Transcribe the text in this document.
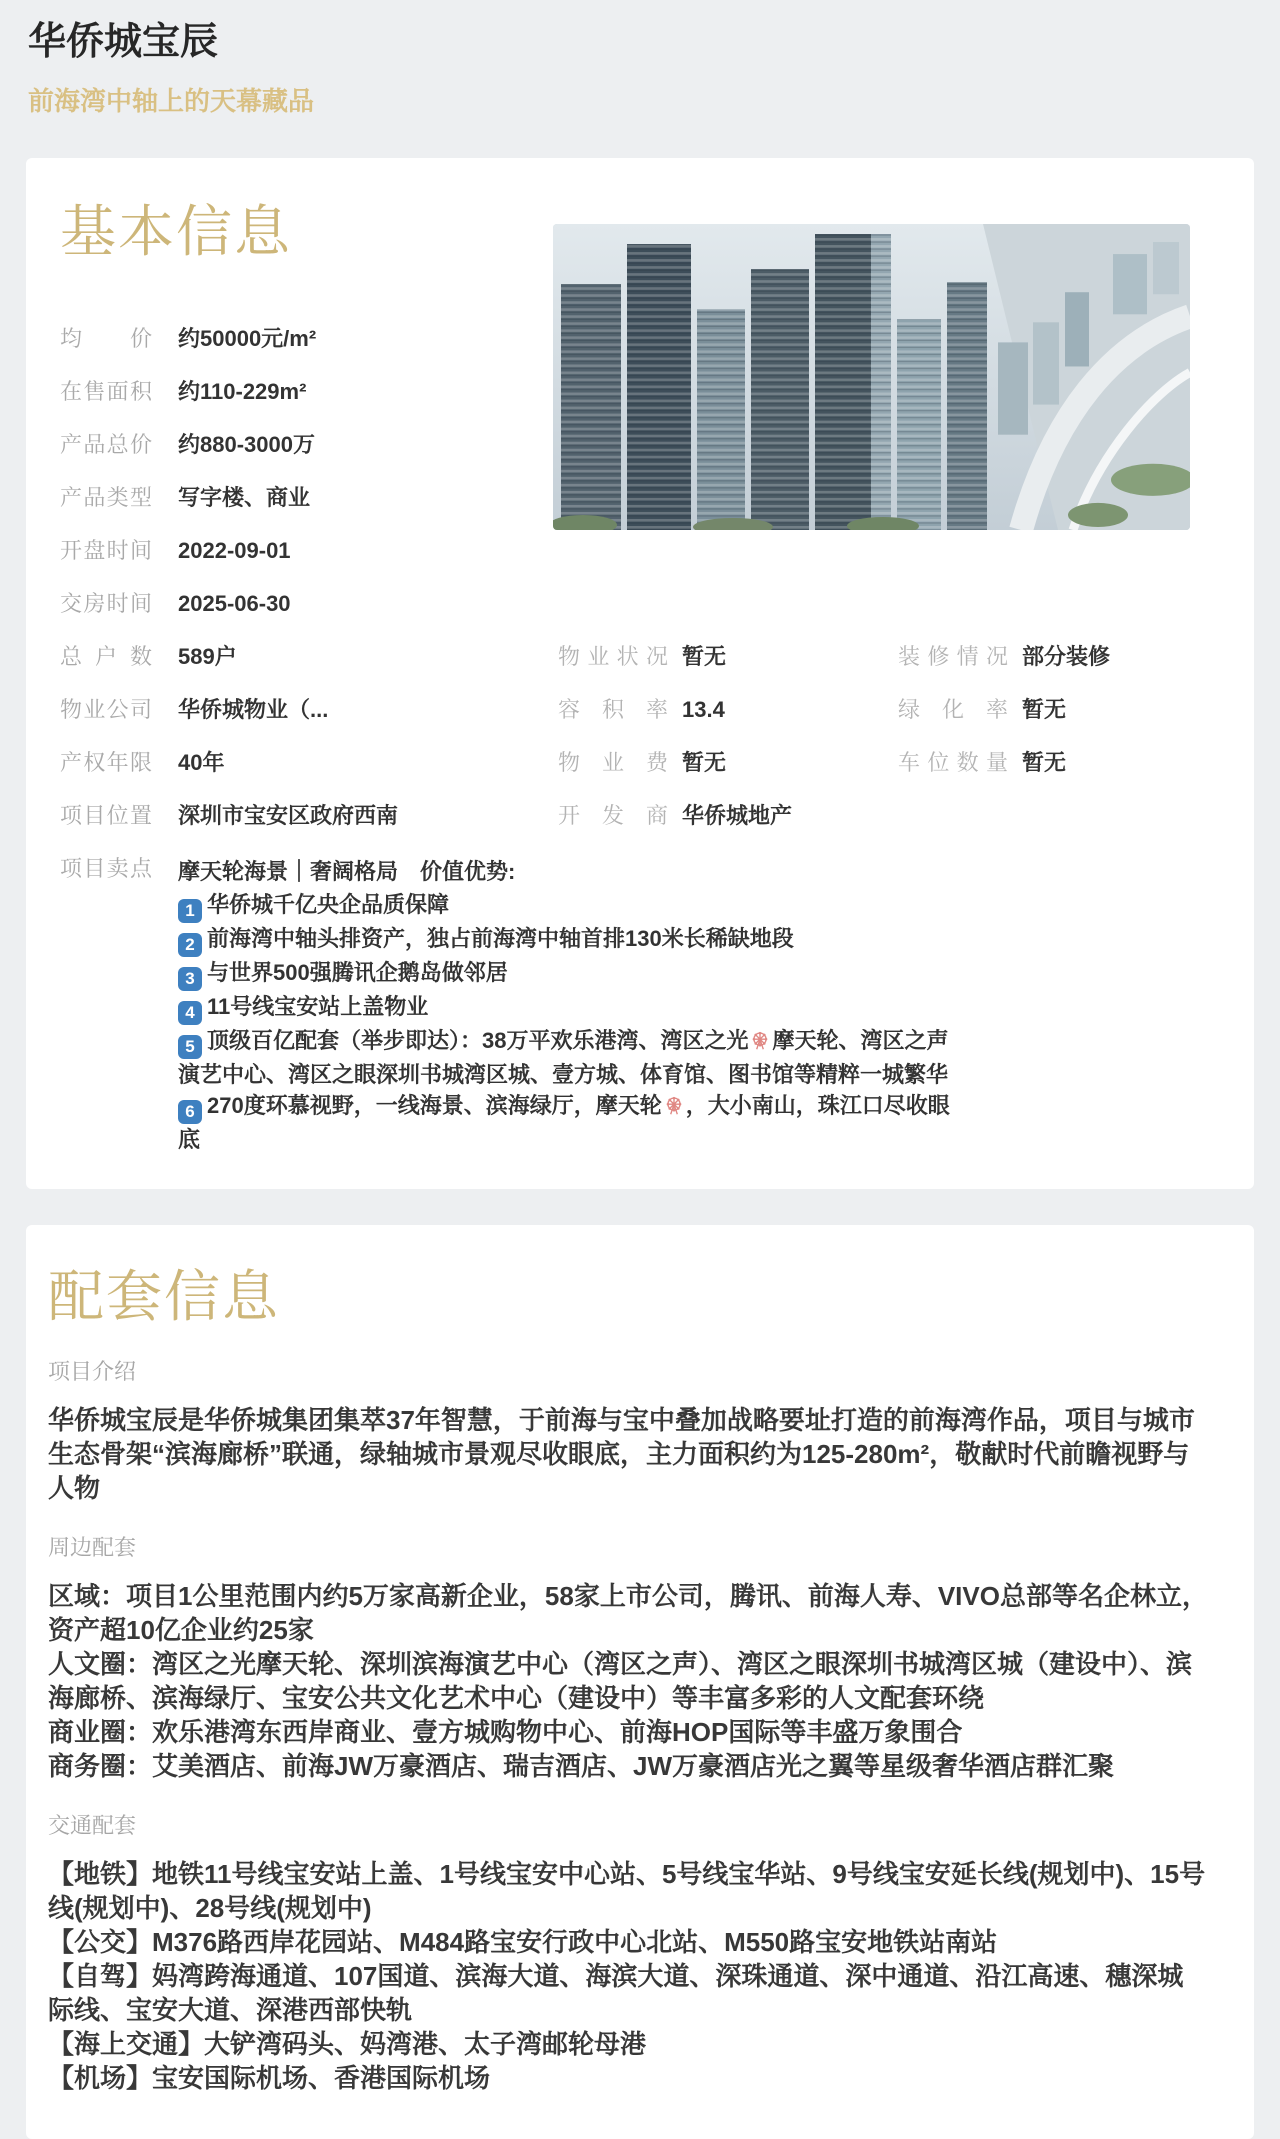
华侨城宝辰
前海湾中轴上的天幕藏品
基本信息
均价 约50000元/m²
在售面积 约110-229m²
产品总价 约880-3000万
产品类型 写字楼、商业
开盘时间 2022-09-01
交房时间 2025-06-30
总户数 589户
物业公司 华侨城物业（...
产权年限 40年
项目位置 深圳市宝安区政府西南
物业状况 暂无
容积率 13.4
物业费 暂无
开发商 华侨城地产
装修情况 部分装修
绿化率 暂无
车位数量 暂无
项目卖点 摩天轮海景｜奢阔格局　价值优势:
1 华侨城千亿央企品质保障
2 前海湾中轴头排资产，独占前海湾中轴首排130米长稀缺地段
3 与世界500强腾讯企鹅岛做邻居
4 11号线宝安站上盖物业
5 顶级百亿配套（举步即达）：38万平欢乐港湾、湾区之光 摩天轮、湾区之声演艺中心、湾区之眼深圳书城湾区城、壹方城、体育馆、图书馆等精粹一城繁华
6 270度环慕视野，一线海景、滨海绿厅，摩天轮 ，大小南山，珠江口尽收眼底
配套信息
项目介绍

华侨城宝辰是华侨城集团集萃37年智慧，于前海与宝中叠加战略要址打造的前海湾作品，项目与城市生态骨架“滨海廊桥”联通，绿轴城市景观尽收眼底，主力面积约为125-280m²，敬献时代前瞻视野与人物

周边配套

区域：项目1公里范围内约5万家高新企业，58家上市公司，腾讯、前海人寿、VIVO总部等名企林立，资产超10亿企业约25家

人文圈：湾区之光摩天轮、深圳滨海演艺中心（湾区之声）、湾区之眼深圳书城湾区城（建设中）、滨海廊桥、滨海绿厅、宝安公共文化艺术中心（建设中）等丰富多彩的人文配套环绕

商业圈：欢乐港湾东西岸商业、壹方城购物中心、前海HOP国际等丰盛万象围合

商务圈：艾美酒店、前海JW万豪酒店、瑞吉酒店、JW万豪酒店光之翼等星级奢华酒店群汇聚

交通配套

【地铁】地铁11号线宝安站上盖、1号线宝安中心站、5号线宝华站、9号线宝安延长线(规划中)、15号线(规划中)、28号线(规划中)

【公交】M376路西岸花园站、M484路宝安行政中心北站、M550路宝安地铁站南站

【自驾】妈湾跨海通道、107国道、滨海大道、海滨大道、深珠通道、深中通道、沿江高速、穗深城际线、宝安大道、深港西部快轨

【海上交通】大铲湾码头、妈湾港、太子湾邮轮母港

【机场】宝安国际机场、香港国际机场
